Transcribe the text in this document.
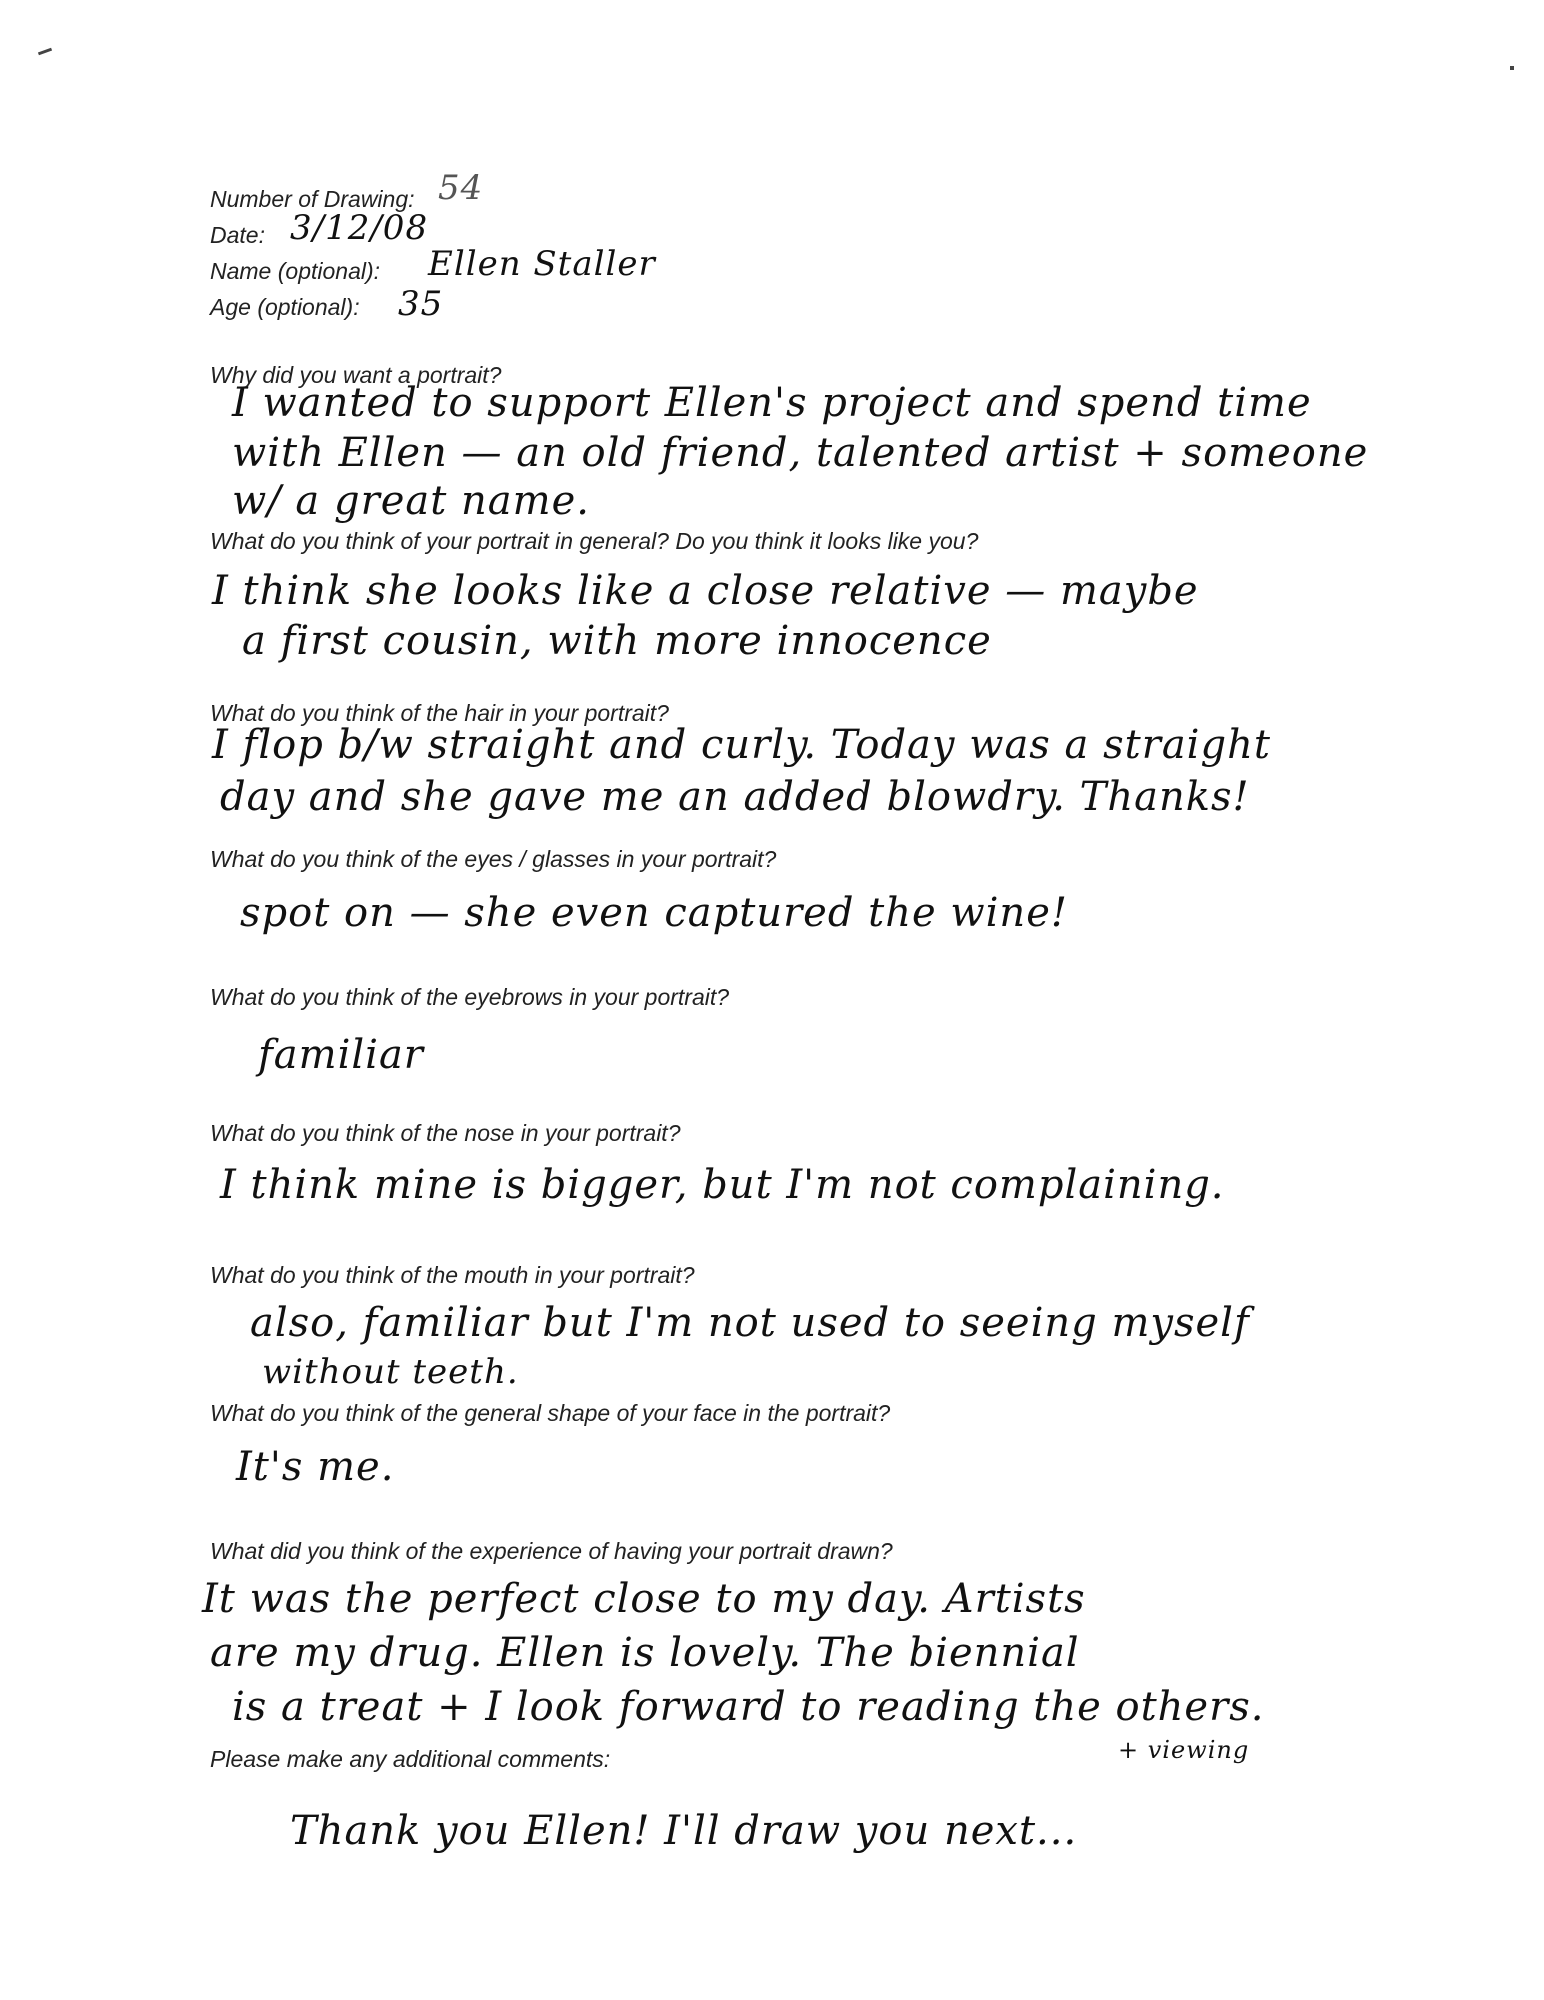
Number of Drawing: 54
Date: 3/12/08
Name (optional): Ellen Staller
Age (optional): 35
Why did you want a portrait?
I wanted to support Ellen's project and spend time
with Ellen — an old friend, talented artist + someone
w/ a great name.
What do you think of your portrait in general? Do you think it looks like you?
I think she looks like a close relative — maybe
a first cousin, with more innocence
What do you think of the hair in your portrait?
I flop b/w straight and curly. Today was a straight
day and she gave me an added blowdry. Thanks!
What do you think of the eyes / glasses in your portrait?
spot on — she even captured the wine!
What do you think of the eyebrows in your portrait?
familiar
What do you think of the nose in your portrait?
I think mine is bigger, but I'm not complaining.
What do you think of the mouth in your portrait?
also, familiar but I'm not used to seeing myself
without teeth.
What do you think of the general shape of your face in the portrait?
It's me.
What did you think of the experience of having your portrait drawn?
It was the perfect close to my day. Artists
are my drug. Ellen is lovely. The biennial
is a treat + I look forward to reading the others.
+ viewing
Please make any additional comments:
Thank you Ellen! I'll draw you next...
